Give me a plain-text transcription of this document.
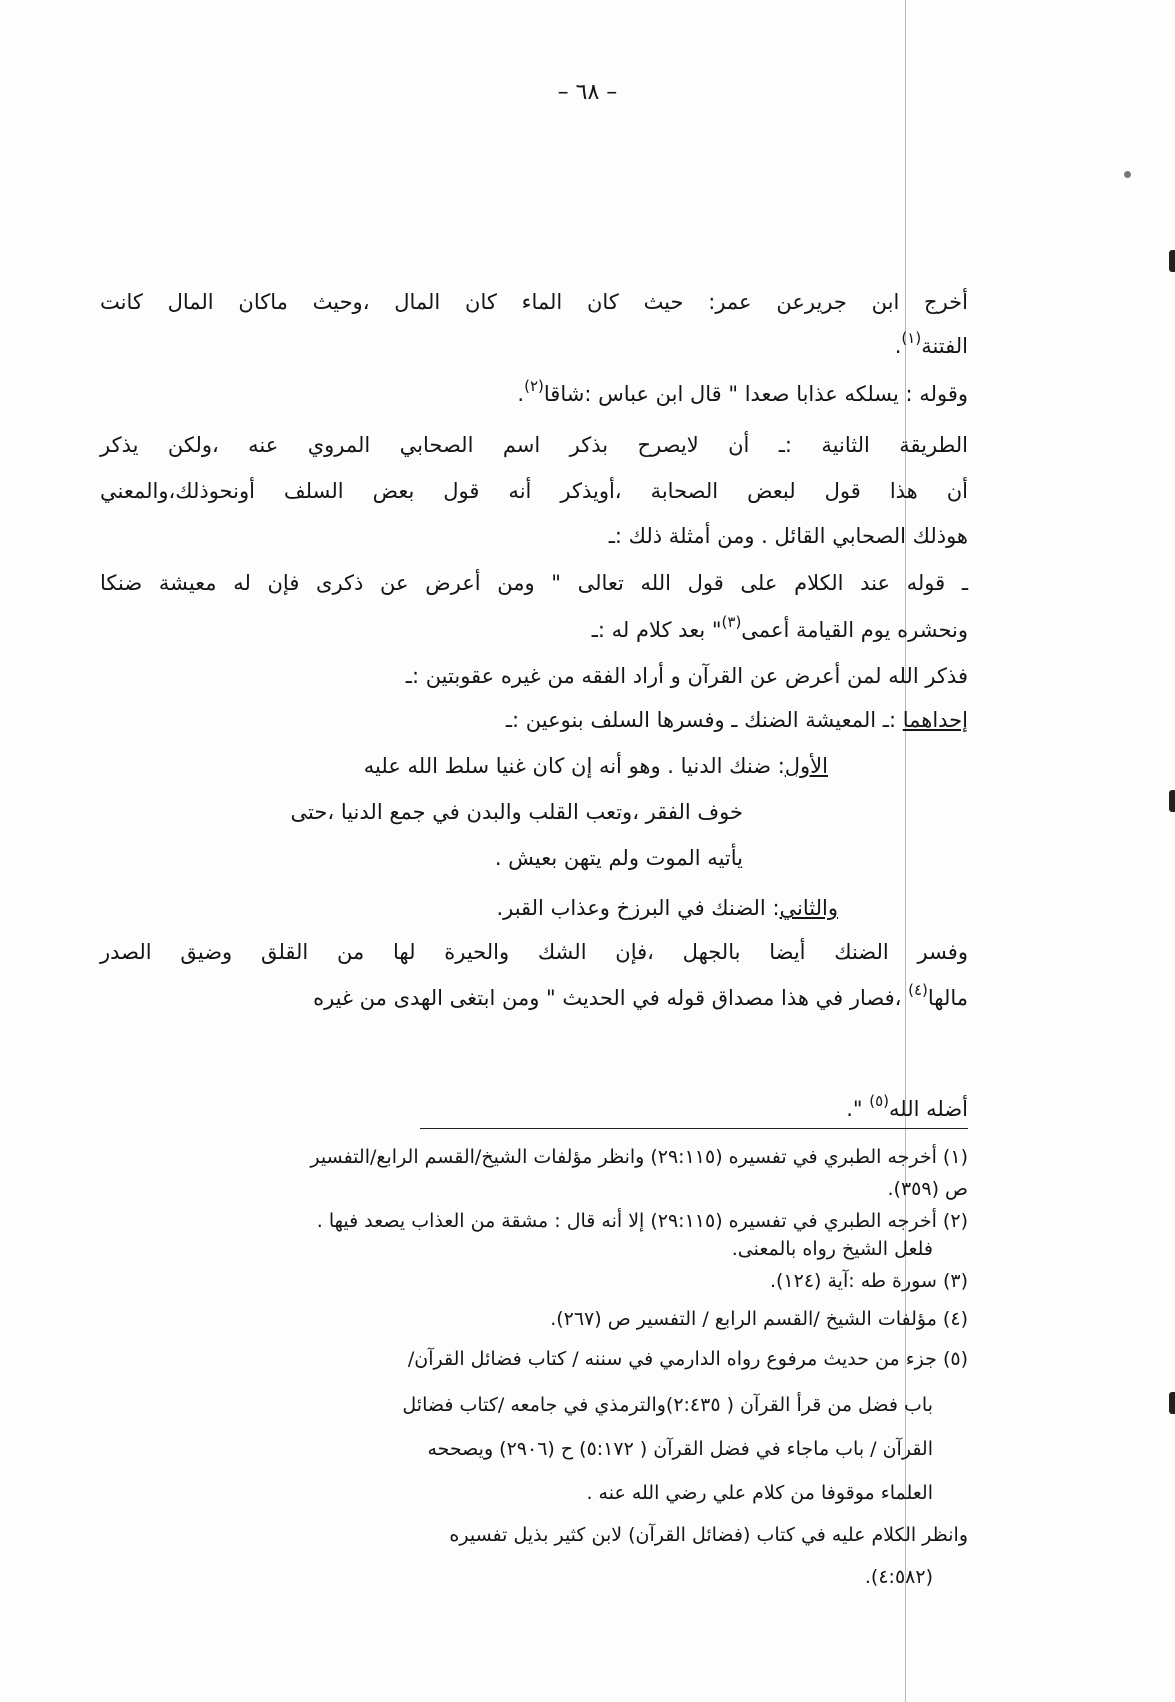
– ٦٨ –
أخرج ابن جريرعن عمر: حيث كان الماء كان المال ،وحيث ماكان المال كانت
الفتنة$^{(١)}$.
وقوله : يسلكه عذابا صعدا " قال ابن عباس :شاقا$^{(٢)}$.
الطريقة الثانية :ـ أن لايصرح بذكر اسم الصحابي المروي عنه ،ولكن يذكر
أن هذا قول لبعض الصحابة ،أويذكر أنه قول بعض السلف أونحوذلك،والمعني
هوذلك الصحابي القائل . ومن أمثلة ذلك :ـ
ـ قوله عند الكلام على قول الله تعالى " ومن أعرض عن ذكرى فإن له معيشة ضنكا
ونحشره يوم القيامة أعمى$^{(٣)}$" بعد كلام له :ـ
فذكر الله لمن أعرض عن القرآن و أراد الفقه من غيره عقوبتين :ـ
إحداهما :ـ المعيشة الضنك ـ وفسرها السلف بنوعين :ـ
الأول: ضنك الدنيا . وهو أنه إن كان غنيا سلط الله عليه
خوف الفقر ،وتعب القلب والبدن في جمع الدنيا ،حتى
يأتيه الموت ولم يتهن بعيش .
والثاني: الضنك في البرزخ وعذاب القبر.
وفسر الضنك أيضا بالجهل ،فإن الشك والحيرة لها من القلق وضيق الصدر
مالها$^{(٤)}$ ،فصار في هذا مصداق قوله في الحديث " ومن ابتغى الهدى من غيره
أضله الله$^{(٥)}$ ".
(١) أخرجه الطبري في تفسيره (٢٩:١١٥) وانظر مؤلفات الشيخ/القسم الرابع/التفسير
ص (٣٥٩).
(٢) أخرجه الطبري في تفسيره (٢٩:١١٥) إلا أنه قال : مشقة من العذاب يصعد فيها .
فلعل الشيخ رواه بالمعنى.
(٣) سورة طه :آية (١٢٤).
(٤) مؤلفات الشيخ /القسم الرابع / التفسير ص (٢٦٧).
(٥) جزء من حديث مرفوع رواه الدارمي في سننه / كتاب فضائل القرآن/
باب فضل من قرأ القرآن ( ٢:٤٣٥)والترمذي في جامعه /كتاب فضائل
القرآن / باب ماجاء في فضل القرآن ( ٥:١٧٢) ح (٢٩٠٦) ويصححه
العلماء موقوفا من كلام علي رضي الله عنه .
وانظر الكلام عليه في كتاب (فضائل القرآن) لابن كثير بذيل تفسيره
(٤:٥٨٢).
